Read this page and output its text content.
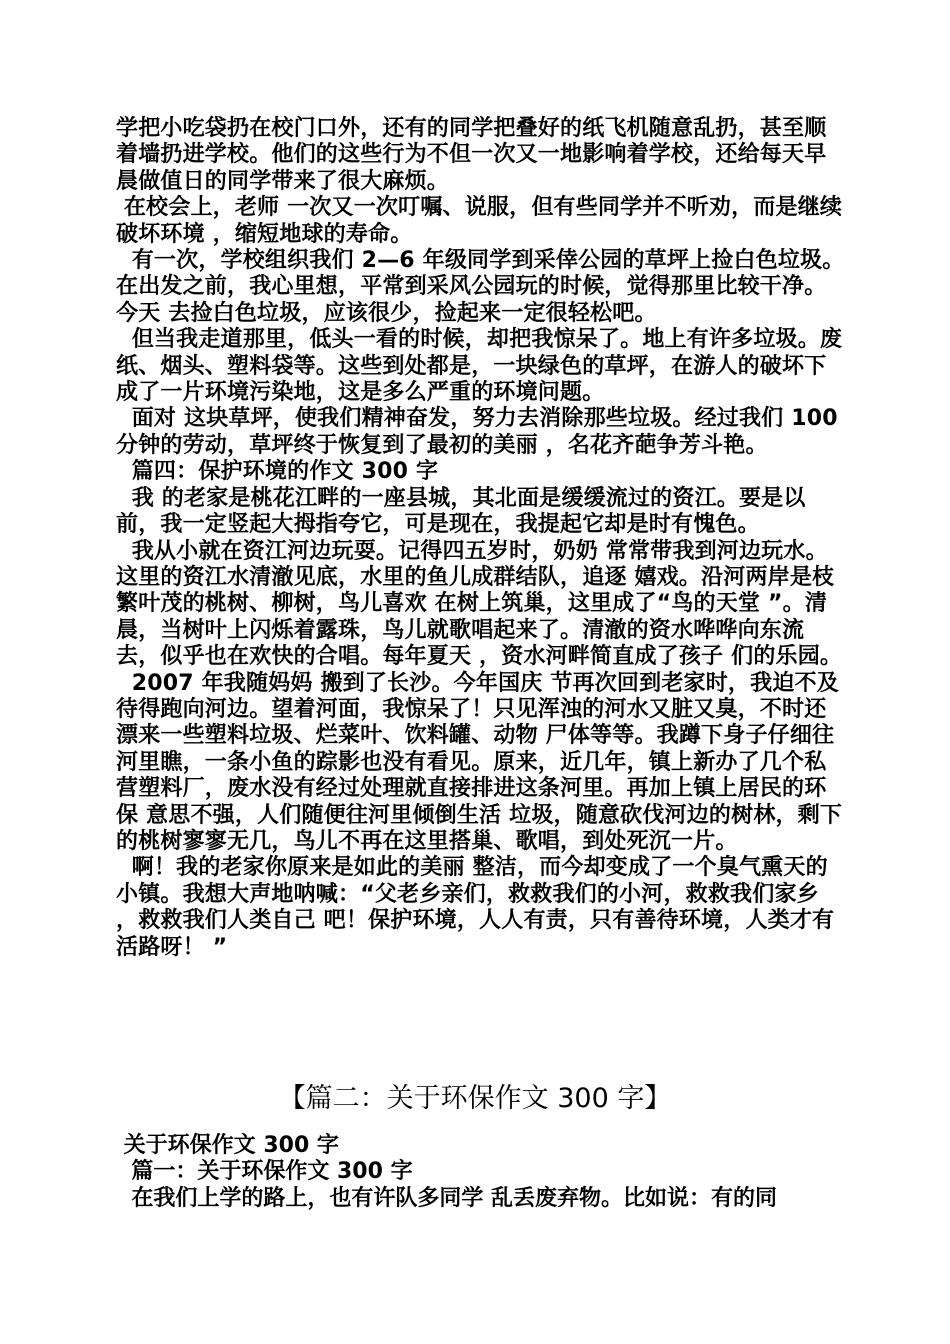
学把小吃袋扔在校门口外，还有的同学把叠好的纸飞机随意乱扔，甚至顺着墙扔进学校。他们的这些行为不但一次又一地影响着学校，还给每天早晨做值日的同学带来了很大麻烦。

在校会上，老师 一次又一次叮嘱、说服，但有些同学并不听劝，而是继续破坏环境 ，缩短地球的寿命。

有一次，学校组织我们 2—6 年级同学到采倖公园的草坪上捡白色垃圾。在出发之前，我心里想，平常到采风公园玩的时候，觉得那里比较干净。今天 去捡白色垃圾，应该很少，捡起来一定很轻松吧。

但当我走道那里，低头一看的时候，却把我惊呆了。地上有许多垃圾。废纸、烟头、塑料袋等。这些到处都是，一块绿色的草坪，在游人的破坏下成了一片环境污染地，这是多么严重的环境问题。

面对 这块草坪，使我们精神奋发，努力去消除那些垃圾。经过我们 100 分钟的劳动，草坪终于恢复到了最初的美丽 ，名花齐葩争芳斗艳。

篇四：保护环境的作文 300 字

我 的老家是桃花江畔的一座县城，其北面是缓缓流过的资江。要是以前，我一定竖起大拇指夸它，可是现在，我提起它却是时有愧色。

我从小就在资江河边玩耍。记得四五岁时，奶奶 常常带我到河边玩水。这里的资江水清澈见底，水里的鱼儿成群结队，追逐 嬉戏。沿河两岸是枝繁叶茂的桃树、柳树，鸟儿喜欢 在树上筑巢，这里成了“鸟的天堂 ”。清晨，当树叶上闪烁着露珠，鸟儿就歌唱起来了。清澈的资水哗哗向东流去，似乎也在欢快的合唱。每年夏天 ，资水河畔简直成了孩子 们的乐园。

2007 年我随妈妈 搬到了长沙。今年国庆 节再次回到老家时，我迫不及待得跑向河边。望着河面，我惊呆了！只见浑浊的河水又脏又臭，不时还漂来一些塑料垃圾、烂菜叶、饮料罐、动物 尸体等等。我蹲下身子仔细往河里瞧，一条小鱼的踪影也没有看见。原来，近几年，镇上新办了几个私营塑料厂，废水没有经过处理就直接排进这条河里。再加上镇上居民的环保 意思不强，人们随便往河里倾倒生活 垃圾，随意砍伐河边的树林，剩下的桃树寥寥无几，鸟儿不再在这里搭巢、歌唱，到处死沉一片。

啊！我的老家你原来是如此的美丽 整洁，而今却变成了一个臭气熏天的小镇。我想大声地呐喊：“父老乡亲们，救救我们的小河，救救我们家乡 ，救救我们人类自己 吧！保护环境，人人有责，只有善待环境，人类才有活路呀！ ”

【篇二：关于环保作文 300 字】

关于环保作文 300 字

篇一：关于环保作文 300 字

在我们上学的路上，也有许队多同学 乱丢废弃物。比如说：有的同
